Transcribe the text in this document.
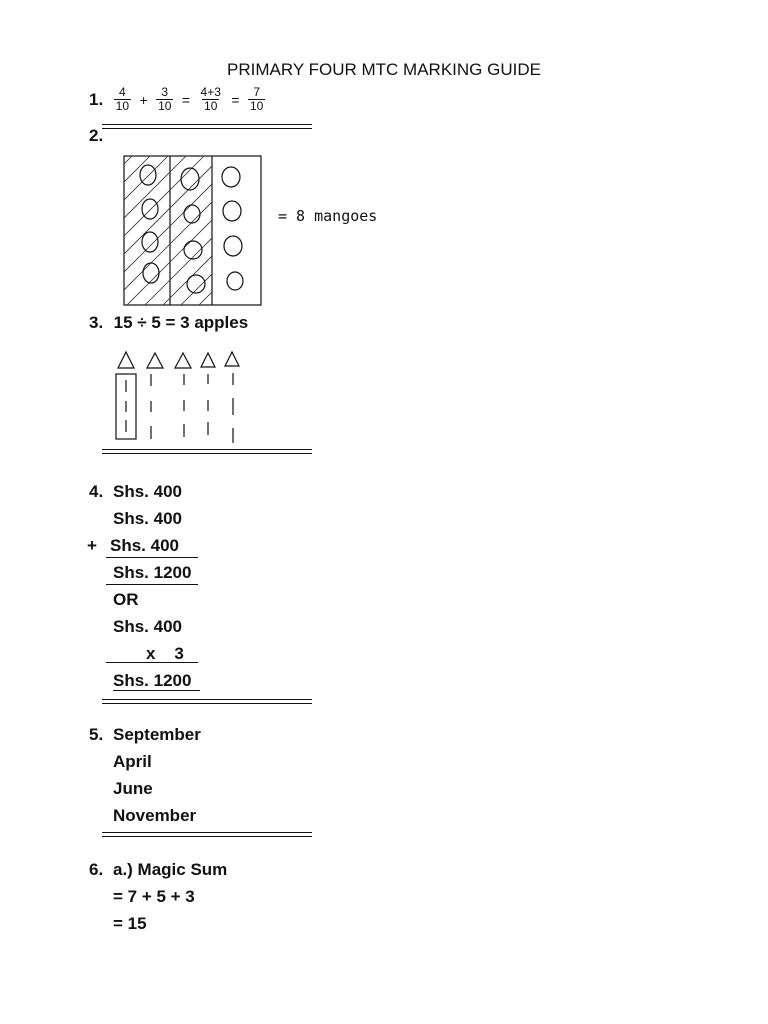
PRIMARY FOUR MTC MARKING GUIDE
1. $\frac{4}{10} + \frac{3}{10} = \frac{4+3}{10} = \frac{7}{10}$
2.
= 8 mangoes
3. 15 ÷ 5 = 3 apples
4. Shs. 400
Shs. 400
+ Shs. 400
Shs. 1200
OR
Shs. 400
x    3
Shs. 1200
5. September
April
June
November
6. a.) Magic Sum
= 7 + 5 + 3
= 15
